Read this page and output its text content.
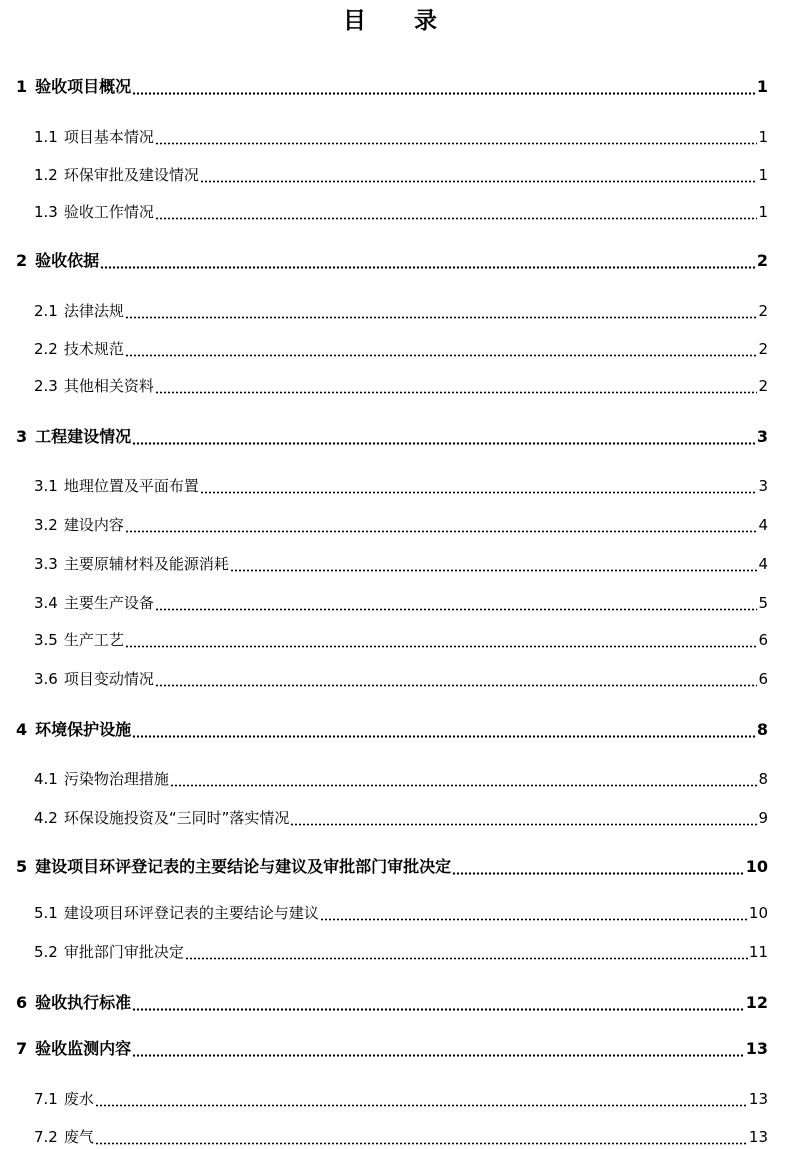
目 录
1 验收项目概况	1
1.1 项目基本情况	1
1.2 环保审批及建设情况	1
1.3 验收工作情况	1
2 验收依据	2
2.1 法律法规	2
2.2 技术规范	2
2.3 其他相关资料	2
3 工程建设情况	3
3.1 地理位置及平面布置	3
3.2 建设内容	4
3.3 主要原辅材料及能源消耗	4
3.4 主要生产设备	5
3.5 生产工艺	6
3.6 项目变动情况	6
4 环境保护设施	8
4.1 污染物治理措施	8
4.2 环保设施投资及“三同时”落实情况	9
5 建设项目环评登记表的主要结论与建议及审批部门审批决定	10
5.1 建设项目环评登记表的主要结论与建议	10
5.2 审批部门审批决定	11
6 验收执行标准	12
7 验收监测内容	13
7.1 废水	13
7.2 废气	13
